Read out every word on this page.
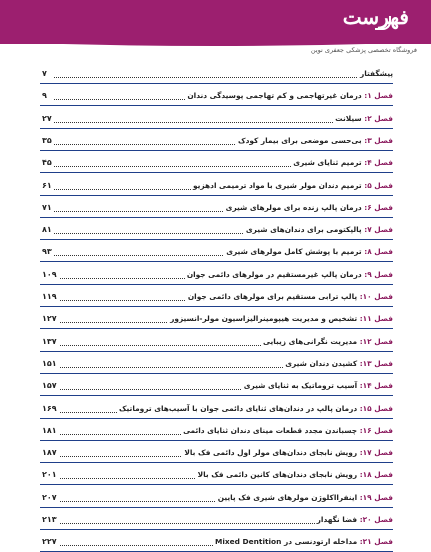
فهرست
فروشگاه تخصصی پزشکی جعفری نوین
پیشگفتار
۷
فصل ۱: درمان غیرتهاجمی و کم تهاجمی پوسیدگی دندان
۹
فصل ۲: سیلانت
۲۷
فصل ۳: بی‌حسی موضعی برای بیمار کودک
۳۵
فصل ۴: ترمیم ثنایای شیری
۴۵
فصل ۵: ترمیم دندان مولر شیری با مواد ترمیمی ادهزیو
۶۱
فصل ۶: درمان پالپ زنده برای مولرهای شیری
۷۱
فصل ۷: پالپکتومی برای دندان‌های شیری
۸۱
فصل ۸: ترمیم با پوشش کامل مولرهای شیری
۹۳
فصل ۹: درمان پالپ غیرمستقیم در مولرهای دائمی جوان
۱۰۹
فصل ۱۰: پالپ ترابی مستقیم برای مولرهای دائمی جوان
۱۱۹
فصل ۱۱: تشخیص و مدیریت هیپومینرالیزاسیون مولر-انسیزور
۱۲۷
فصل ۱۲: مدیریت نگرانی‌های زیبایی
۱۳۷
فصل ۱۳: کشیدن دندان شیری
۱۵۱
فصل ۱۴: آسیب تروماتیک به ثنایای شیری
۱۵۷
فصل ۱۵: درمان پالپ در دندان‌های ثنایای دائمی جوان با آسیب‌های تروماتیک
۱۶۹
فصل ۱۶: چسباندن مجدد قطعات مینای دندان ثنایای دائمی
۱۸۱
فصل ۱۷: رویش نابجای دندان‌های مولر اول دائمی فک بالا
۱۸۷
فصل ۱۸: رویش نابجای دندان‌های کانین دائمی فک بالا
۲۰۱
فصل ۱۹: اینفرااکلوژن مولرهای شیری فک پایین
۲۰۷
فصل ۲۰: فضا نگهدار
۲۱۳
فصل ۲۱: مداخله ارتودنسی در Mixed Dentition
۲۲۷
